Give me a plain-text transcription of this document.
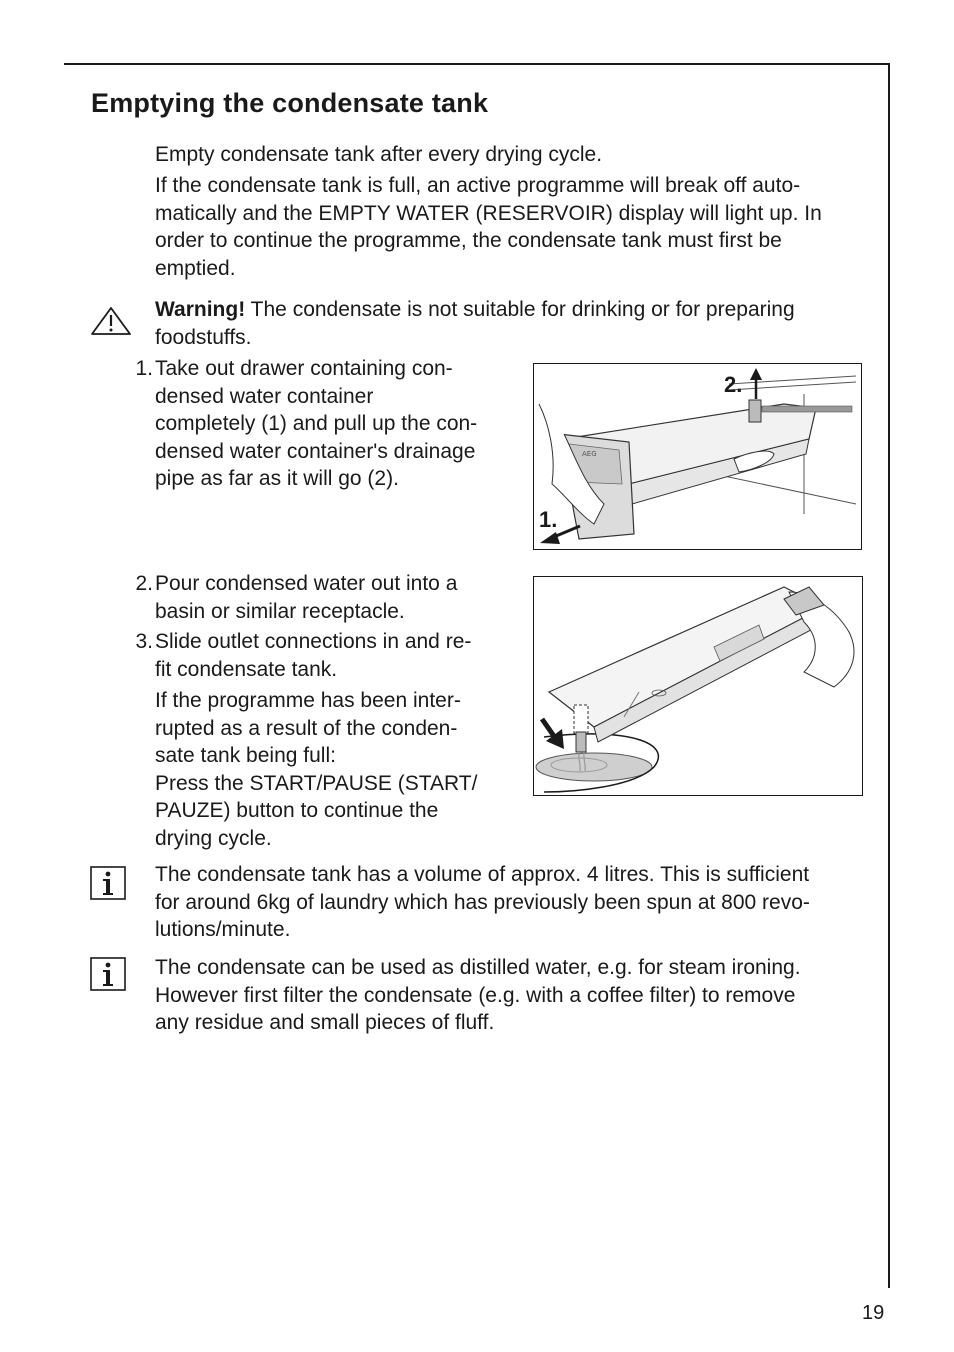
Emptying the condensate tank

Empty condensate tank after every drying cycle.

If the condensate tank is full, an active programme will break off auto-
matically and the EMPTY WATER (RESERVOIR) display will light up. In
order to continue the programme, the condensate tank must first be
emptied.
Warning! The condensate is not suitable for drinking or for preparing
foodstuffs.
1. Take out drawer containing con-
densed water container
completely (1) and pull up the con-
densed water container's drainage
pipe as far as it will go (2).
AEG
2.
1.
2. Pour condensed water out into a
basin or similar receptacle.
3. Slide outlet connections in and re-
fit condensate tank.
If the programme has been inter-
rupted as a result of the conden-
sate tank being full:
Press the START/PAUSE (START/
PAUZE) button to continue the
drying cycle.
The condensate tank has a volume of approx. 4 litres. This is sufficient
for around 6kg of laundry which has previously been spun at 800 revo-
lutions/minute.
The condensate can be used as distilled water, e.g. for steam ironing.
However first filter the condensate (e.g. with a coffee filter) to remove
any residue and small pieces of fluff.
19
